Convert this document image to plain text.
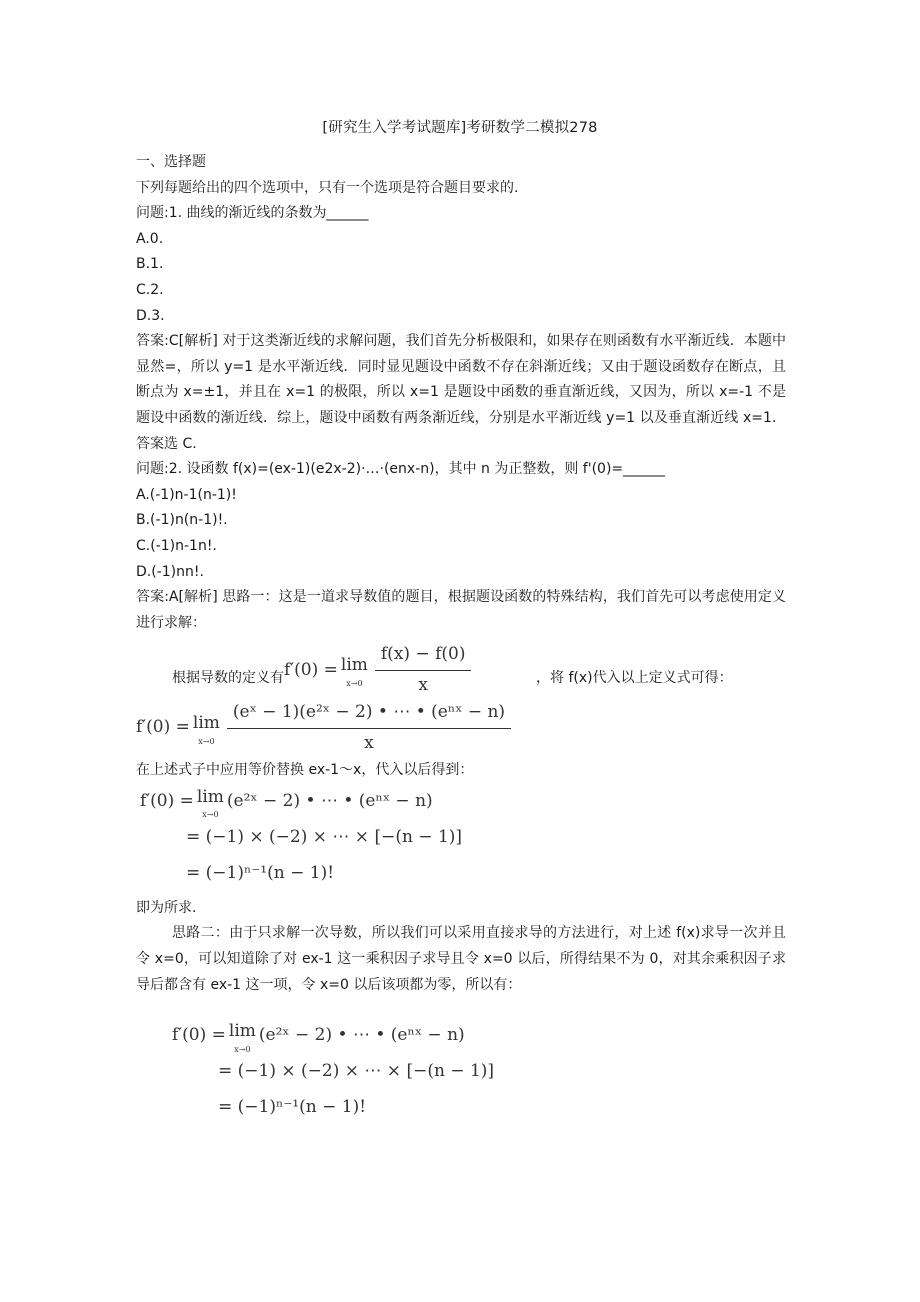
[研究生入学考试题库]考研数学二模拟278
一、选择题
下列每题给出的四个选项中，只有一个选项是符合题目要求的.
问题:1. 曲线的渐近线的条数为______
A.0.
B.1.
C.2.
D.3.
答案:C[解析] 对于这类渐近线的求解问题，我们首先分析极限和，如果存在则函数有水平渐近线．本题中显然=，所以 y=1 是水平渐近线．同时显见题设中函数不存在斜渐近线；又由于题设函数存在断点，且断点为 x=±1，并且在 x=1 的极限，所以 x=1 是题设中函数的垂直渐近线，又因为，所以 x=-1 不是题设中函数的渐近线．综上，题设中函数有两条渐近线，分别是水平渐近线 y=1 以及垂直渐近线 x=1．答案选 C.
问题:2. 设函数 f(x)=(ex-1)(e2x-2)·…·(enx-n)，其中 n 为正整数，则 f'(0)=______
A.(-1)n-1(n-1)!
B.(-1)n(n-1)!.
C.(-1)n-1n!.
D.(-1)nn!.
答案:A[解析] 思路一：这是一道求导数值的题目，根据题设函数的特殊结构，我们首先可以考虑使用定义进行求解：
根据导数的定义有 f′(0) = lim
$x\to 0 \frac{f(x) - f(0)}{x}$	，将 f(x)代入以上定义式可得：
f′(0) = lim
$x\to 0 \frac{\text{(eˣ − 1)(e²ˣ − 2) • ⋯ • (eⁿˣ − n)}}{x}$
在上述式子中应用等价替换 ex-1～x，代入以后得到：
f′(0) = lim
x→0
(e²ˣ − 2) • ⋯ • (eⁿˣ − n)
= (−1) × (−2) × ⋯ × [−(n − 1)]
= (−1)ⁿ⁻¹(n − 1)!
即为所求.
思路二：由于只求解一次导数，所以我们可以采用直接求导的方法进行，对上述 f(x)求导一次并且令 x=0，可以知道除了对 ex-1 这一乘积因子求导且令 x=0 以后，所得结果不为 0，对其余乘积因子求导后都含有 ex-1 这一项，令 x=0 以后该项都为零，所以有：
f′(0) = lim
x→0
(e²ˣ − 2) • ⋯ • (eⁿˣ − n)
= (−1) × (−2) × ⋯ × [−(n − 1)]
= (−1)ⁿ⁻¹(n − 1)!
